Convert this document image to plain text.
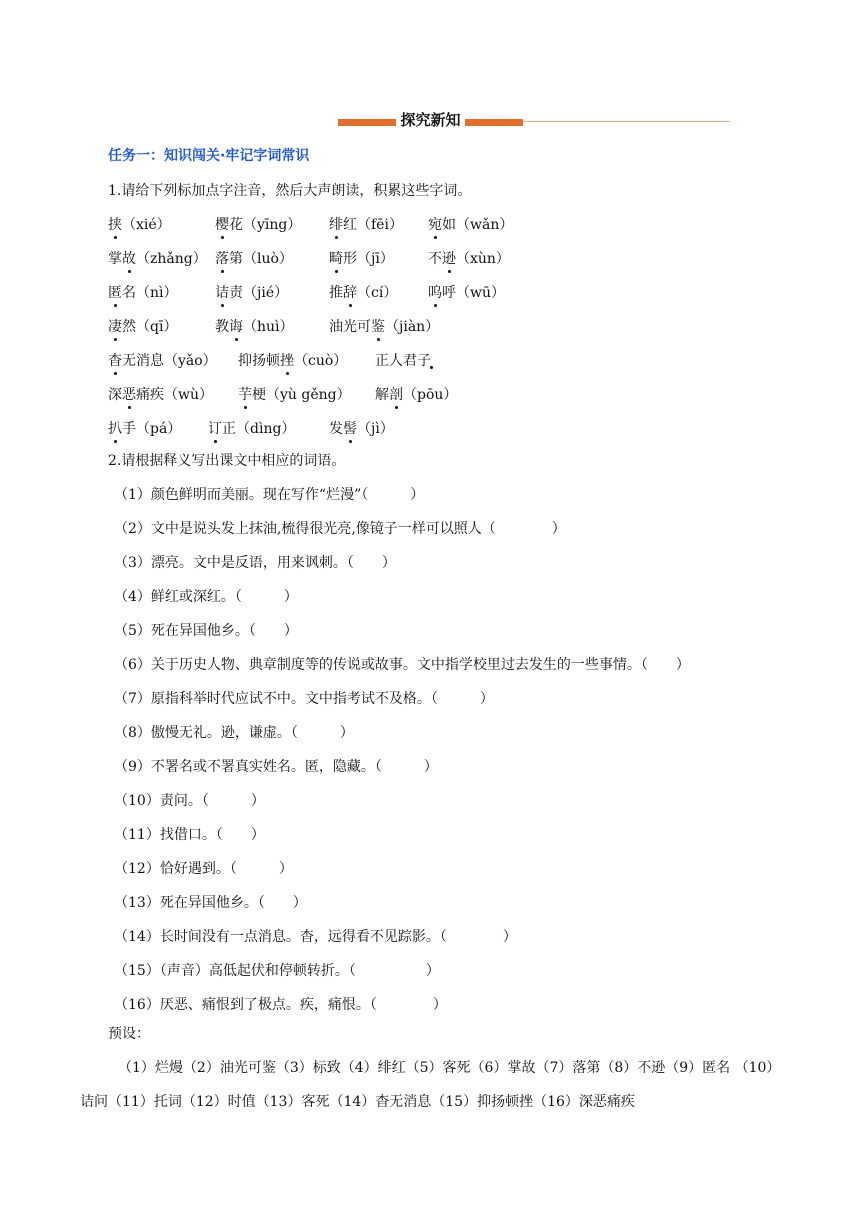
探究新知
任务一：知识闯关·牢记字词常识
1.请给下列标加点字注音，然后大声朗读，积累这些字词。
挟（xié）	樱花（yīng） 绯红（fēi） 宛如（wǎn）
掌故（zhǎng） 落第（luò）	畸形（jī） 不逊（xùn）
匿名（nì）	诘责（jié）	推辞（cí） 呜呼（wū）
凄然（qī）	教诲（huì）	油光可鉴（jiàn）
杳无消息（yǎo） 抑扬顿挫（cuò） 正人君子
深恶痛疾（wù） 芋梗（yù gěng） 解剖（pōu）
扒手（pá） 订正（dìng） 发髻（jì）
2.请根据释义写出课文中相应的词语。
（1）颜色鲜明而美丽。现在写作“烂漫”（　　　）
（2）文中是说头发上抹油,梳得很光亮,像镜子一样可以照人（　　　　）
（3）漂亮。文中是反语，用来讽刺。（　　）
（4）鲜红或深红。（　　　）
（5）死在异国他乡。（　　）
（6）关于历史人物、典章制度等的传说或故事。文中指学校里过去发生的一些事情。（　　）
（7）原指科举时代应试不中。文中指考试不及格。（　　　）
（8）傲慢无礼。逊，谦虚。（　　　）
（9）不署名或不署真实姓名。匿，隐藏。（　　　）
（10）责问。（　　　）
（11）找借口。（　　）
（12）恰好遇到。（　　　）
（13）死在异国他乡。（　　）
（14）长时间没有一点消息。杳，远得看不见踪影。（　　　　）
（15）（声音）高低起伏和停顿转折。（　　　　　）
（16）厌恶、痛恨到了极点。疾，痛恨。（　　　　）
预设：
（1）烂熳（2）油光可鉴（3）标致（4）绯红（5）客死（6）掌故（7）落第（8）不逊（9）匿名 （10）
诘问（11）托词（12）时值（13）客死（14）杳无消息（15）抑扬顿挫（16）深恶痛疾
